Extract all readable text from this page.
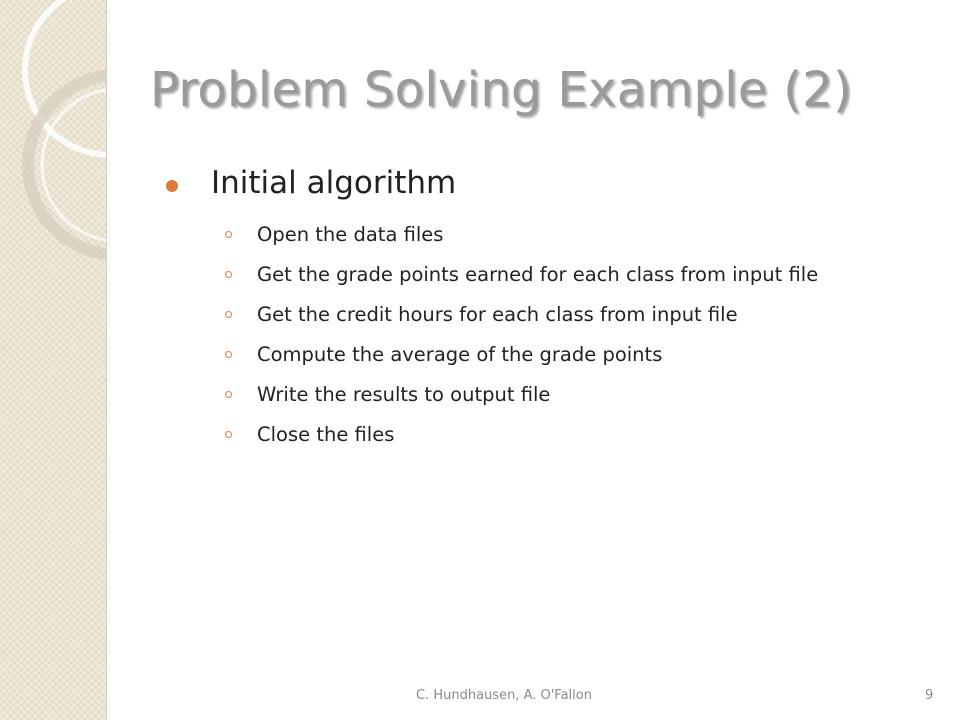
Problem Solving Example (2)
Initial algorithm
Open the data files
Get the grade points earned for each class from input file
Get the credit hours for each class from input file
Compute the average of the grade points
Write the results to output file
Close the files
C. Hundhausen, A. O'Fallon	9
